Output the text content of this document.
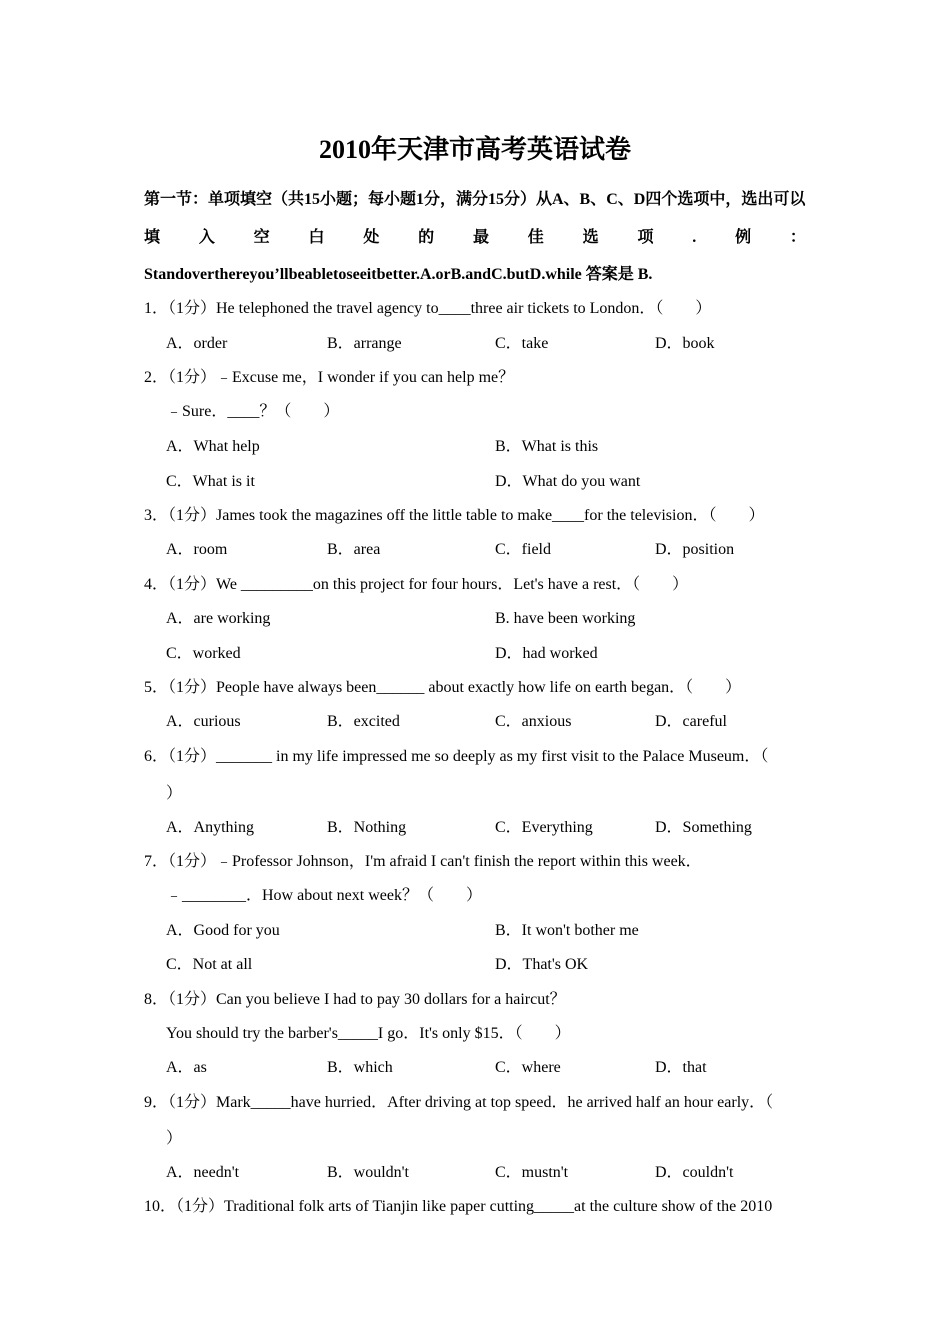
2010年天津市高考英语试卷
第一节：单项填空（共15小题；每小题1分，满分15分）从A、B、C、D四个选项中，选出可以
填 入 空 白 处 的 最 佳 选 项 . 例 ：
Standoverthereyou’llbeabletoseeitbetter.A.orB.andC.butD.while 答案是 B.
1．（1分）He telephoned the travel agency to____three air tickets to London．（　　）
A．order	B．arrange	C．take	D．book
2．（1分）﹣Excuse me，I wonder if you can help me？
﹣Sure．____？（　　）
A．What help	B．What is this
C．What is it	D．What do you want
3．（1分）James took the magazines off the little table to make____for the television．（　　）
A．room	B．area	C．field	D．position
4．（1分）We _________on this project for four hours．Let's have a rest．（　　）
A．are working	B. have been working
C．worked	D．had worked
5．（1分）People have always been______ about exactly how life on earth began．（　　）
A．curious	B．excited	C．anxious	D．careful
6．（1分）_______ in my life impressed me so deeply as my first visit to the Palace Museum．（
）
A．Anything	B．Nothing	C．Everything	D．Something
7．（1分）﹣Professor Johnson，I'm afraid I can't finish the report within this week．
﹣________．How about next week？（　　）
A．Good for you	B．It won't bother me
C．Not at all	D．That's OK
8．（1分）Can you believe I had to pay 30 dollars for a haircut？
You should try the barber's_____I go．It's only $15．（　　）
A．as	B．which	C．where	D．that
9．（1分）Mark_____have hurried．After driving at top speed．he arrived half an hour early．（
）
A．needn't	B．wouldn't	C．mustn't	D．couldn't
10．（1分）Traditional folk arts of Tianjin like paper cutting_____at the culture show of the 2010
